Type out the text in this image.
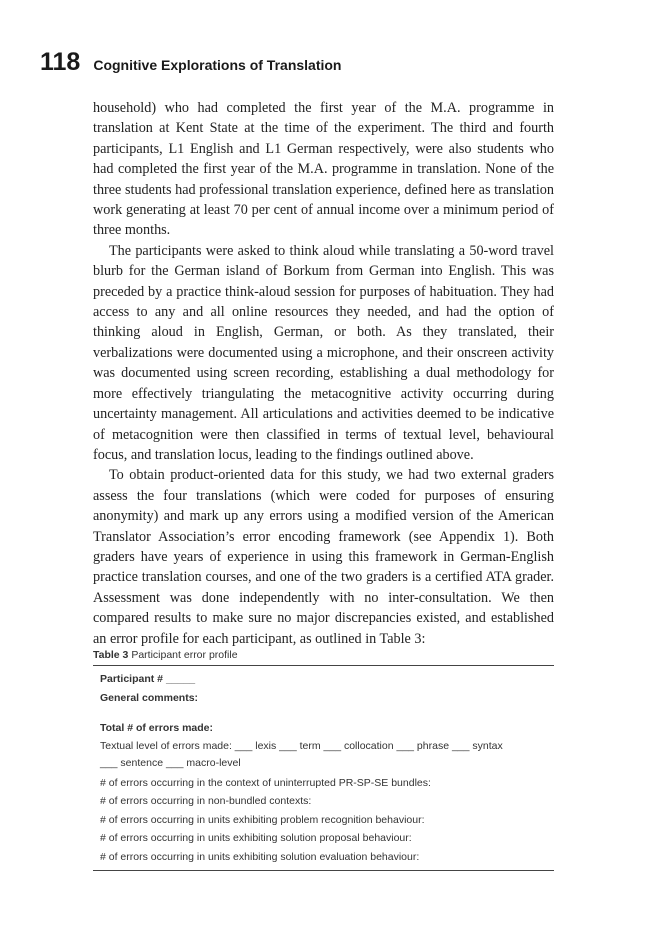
118 Cognitive Explorations of Translation

household) who had completed the first year of the M.A. programme in translation at Kent State at the time of the experiment. The third and fourth participants, L1 English and L1 German respectively, were also students who had completed the first year of the M.A. programme in translation. None of the three students had professional translation experience, defined here as translation work generating at least 70 per cent of annual income over a minimum period of three months.

The participants were asked to think aloud while translating a 50-word travel blurb for the German island of Borkum from German into English. This was preceded by a practice think-aloud session for purposes of habituation. They had access to any and all online resources they needed, and had the option of thinking aloud in English, German, or both. As they translated, their verbalizations were documented using a microphone, and their onscreen activity was documented using screen recording, establishing a dual methodology for more effectively triangulating the metacognitive activity occurring during uncertainty management. All articulations and activities deemed to be indicative of metacognition were then classified in terms of textual level, behavioural focus, and translation locus, leading to the findings outlined above.

To obtain product-oriented data for this study, we had two external graders assess the four translations (which were coded for purposes of ensuring anonymity) and mark up any errors using a modified version of the American Translator Association’s error encoding framework (see Appendix 1). Both graders have years of experience in using this framework in German-English practice translation courses, and one of the two graders is a certified ATA grader. Assessment was done independently with no inter-consultation. We then compared results to make sure no major discrepancies existed, and established an error profile for each participant, as outlined in Table 3:

Table 3 Participant error profile
Participant # _____
General comments:
Total # of errors made:
Textual level of errors made: ___ lexis ___ term ___ collocation ___ phrase ___ syntax
___ sentence ___ macro-level
# of errors occurring in the context of uninterrupted PR-SP-SE bundles:
# of errors occurring in non-bundled contexts:
# of errors occurring in units exhibiting problem recognition behaviour:
# of errors occurring in units exhibiting solution proposal behaviour:
# of errors occurring in units exhibiting solution evaluation behaviour:
